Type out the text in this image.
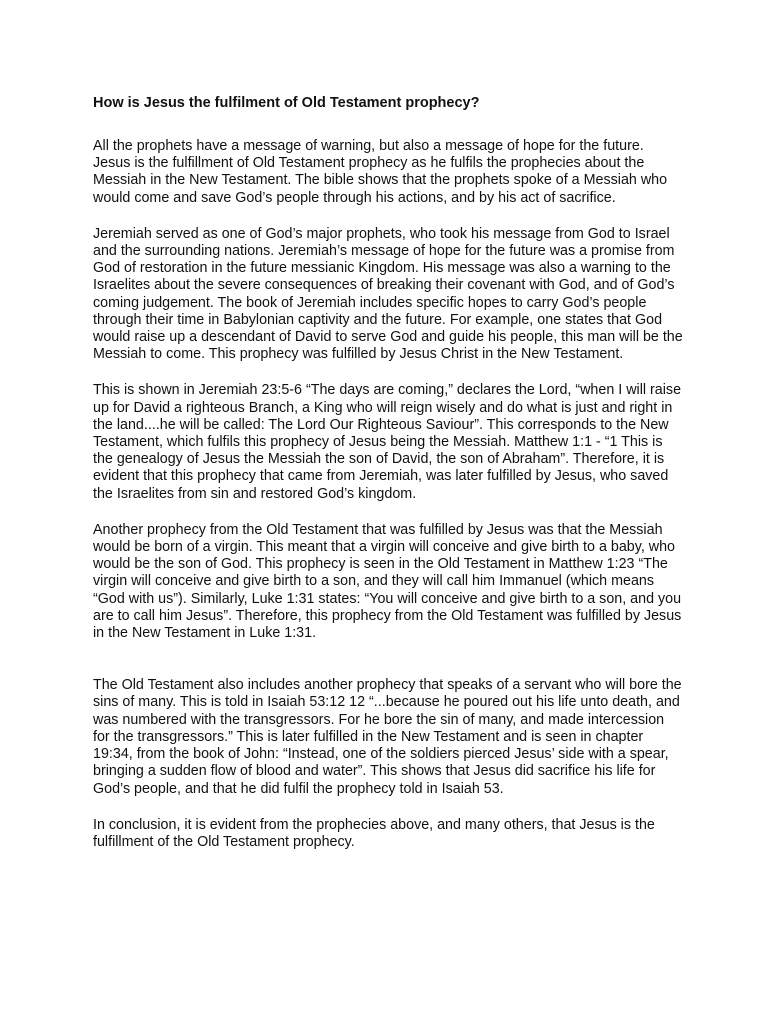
How is Jesus the fulfilment of Old Testament prophecy?

All the prophets have a message of warning, but also a message of hope for the future. Jesus is the fulfillment of Old Testament prophecy as he fulfils the prophecies about the Messiah in the New Testament. The bible shows that the prophets spoke of a Messiah who would come and save God’s people through his actions, and by his act of sacrifice.

Jeremiah served as one of God’s major prophets, who took his message from God to Israel and the surrounding nations. Jeremiah’s message of hope for the future was a promise from God of restoration in the future messianic Kingdom. His message was also a warning to the Israelites about the severe consequences of breaking their covenant with God, and of God’s coming judgement. The book of Jeremiah includes specific hopes to carry God’s people through their time in Babylonian captivity and the future. For example, one states that God would raise up a descendant of David to serve God and guide his people, this man will be the Messiah to come. This prophecy was fulfilled by Jesus Christ in the New Testament.

This is shown in Jeremiah 23:5-6 “The days are coming,” declares the Lord, “when I will raise up for David a righteous Branch, a King who will reign wisely and do what is just and right in the land....he will be called: The Lord Our Righteous Saviour”. This corresponds to the New Testament, which fulfils this prophecy of Jesus being the Messiah. Matthew 1:1 - “1 This is the genealogy of Jesus the Messiah the son of David, the son of Abraham”. Therefore, it is evident that this prophecy that came from Jeremiah, was later fulfilled by Jesus, who saved the Israelites from sin and restored God’s kingdom.

Another prophecy from the Old Testament that was fulfilled by Jesus was that the Messiah would be born of a virgin. This meant that a virgin will conceive and give birth to a baby, who would be the son of God. This prophecy is seen in the Old Testament in Matthew 1:23 “The virgin will conceive and give birth to a son, and they will call him Immanuel (which means “God with us”). Similarly, Luke 1:31 states: “You will conceive and give birth to a son, and you are to call him Jesus”. Therefore, this prophecy from the Old Testament was fulfilled by Jesus in the New Testament in Luke 1:31.

The Old Testament also includes another prophecy that speaks of a servant who will bore the sins of many. This is told in Isaiah 53:12 12 “...because he poured out his life unto death, and was numbered with the transgressors. For he bore the sin of many, and made intercession for the transgressors.” This is later fulfilled in the New Testament and is seen in chapter 19:34, from the book of John: “Instead, one of the soldiers pierced Jesus’ side with a spear, bringing a sudden flow of blood and water”. This shows that Jesus did sacrifice his life for God’s people, and that he did fulfil the prophecy told in Isaiah 53.

In conclusion, it is evident from the prophecies above, and many others, that Jesus is the fulfillment of the Old Testament prophecy.
